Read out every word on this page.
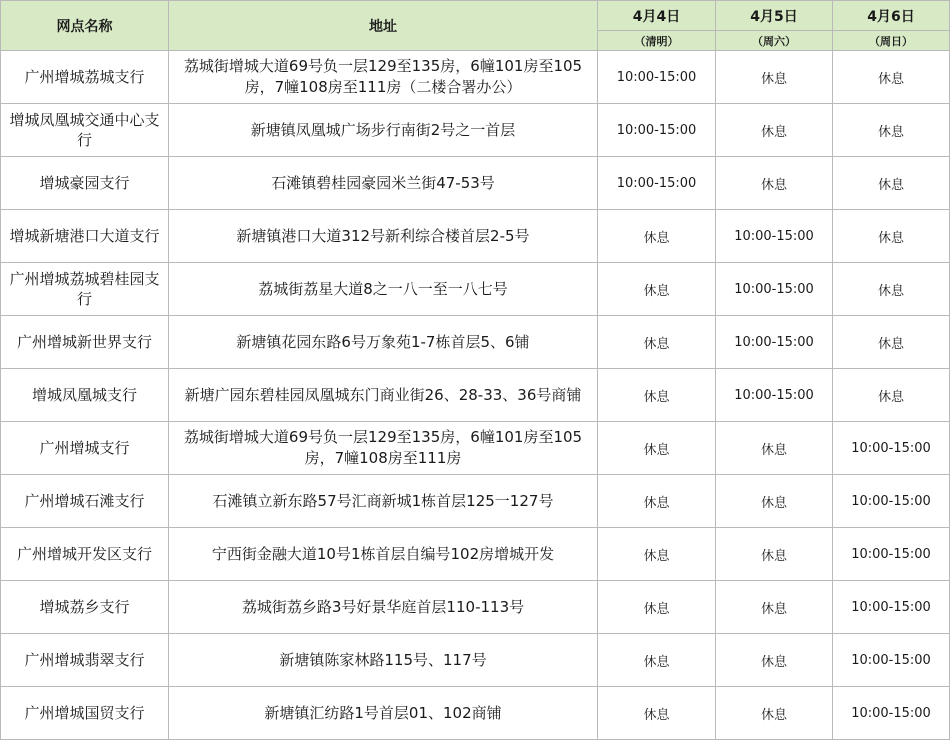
网点名称	地址	4月4日	4月5日	4月6日
		（清明）	（周六）	（周日）
广州增城荔城支行	荔城街增城大道69号负一层129至135房，6幢101房至105房，7幢108房至111房（二楼合署办公）	10:00-15:00	休息	休息
增城凤凰城交通中心支行	新塘镇凤凰城广场步行南街2号之一首层	10:00-15:00	休息	休息
增城豪园支行	石滩镇碧桂园豪园米兰街47-53号	10:00-15:00	休息	休息
增城新塘港口大道支行	新塘镇港口大道312号新利综合楼首层2-5号	休息	10:00-15:00	休息
广州增城荔城碧桂园支行	荔城街荔星大道8之一八一至一八七号	休息	10:00-15:00	休息
广州增城新世界支行	新塘镇花园东路6号万象苑1-7栋首层5、6铺	休息	10:00-15:00	休息
增城凤凰城支行	新塘广园东碧桂园凤凰城东门商业街26、28-33、36号商铺	休息	10:00-15:00	休息
广州增城支行	荔城街增城大道69号负一层129至135房，6幢101房至105房，7幢108房至111房	休息	休息	10:00-15:00
广州增城石滩支行	石滩镇立新东路57号汇商新城1栋首层125一127号	休息	休息	10:00-15:00
广州增城开发区支行	宁西街金融大道10号1栋首层自编号102房增城开发	休息	休息	10:00-15:00
增城荔乡支行	荔城街荔乡路3号好景华庭首层110-113号	休息	休息	10:00-15:00
广州增城翡翠支行	新塘镇陈家林路115号、117号	休息	休息	10:00-15:00
广州增城国贸支行	新塘镇汇纺路1号首层01、102商铺	休息	休息	10:00-15:00
